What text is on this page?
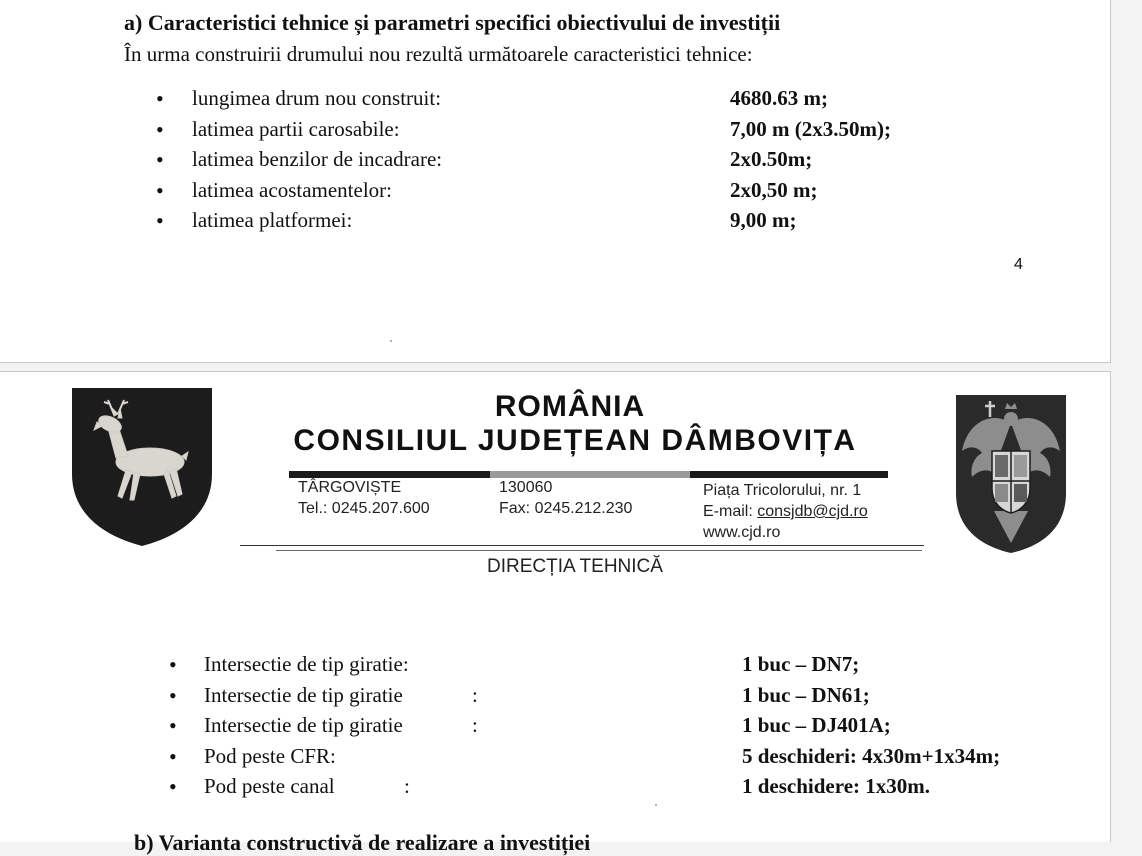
a) Caracteristici tehnice și parametri specifici obiectivului de investiții

În urma construirii drumului nou rezultă următoarele caracteristici tehnice:

• lungimea drum nou construit:	4680.63 m;
• latimea partii carosabile:	7,00 m (2x3.50m);
• latimea benzilor de incadrare:	2x0.50m;
• latimea acostamentelor:	2x0,50 m;
• latimea platformei:	9,00 m;
4
ROMÂNIA
CONSILIUL JUDEȚEAN DÂMBOVIȚA
TÂRGOVIȘTE
Tel.: 0245.207.600
130060
Fax: 0245.212.230
Piața Tricolorului, nr. 1
E-mail: consjdb@cjd.ro
www.cjd.ro

DIRECȚIA TEHNICĂ

• Intersectie de tip giratie:	1 buc – DN7;
• Intersectie de tip giratie	:	1 buc – DN61;
• Intersectie de tip giratie	:	1 buc – DJ401A;
• Pod peste CFR:	5 deschideri: 4x30m+1x34m;
• Pod peste canal	:	1 deschidere: 1x30m.
b) Varianta constructivă de realizare a investiției
